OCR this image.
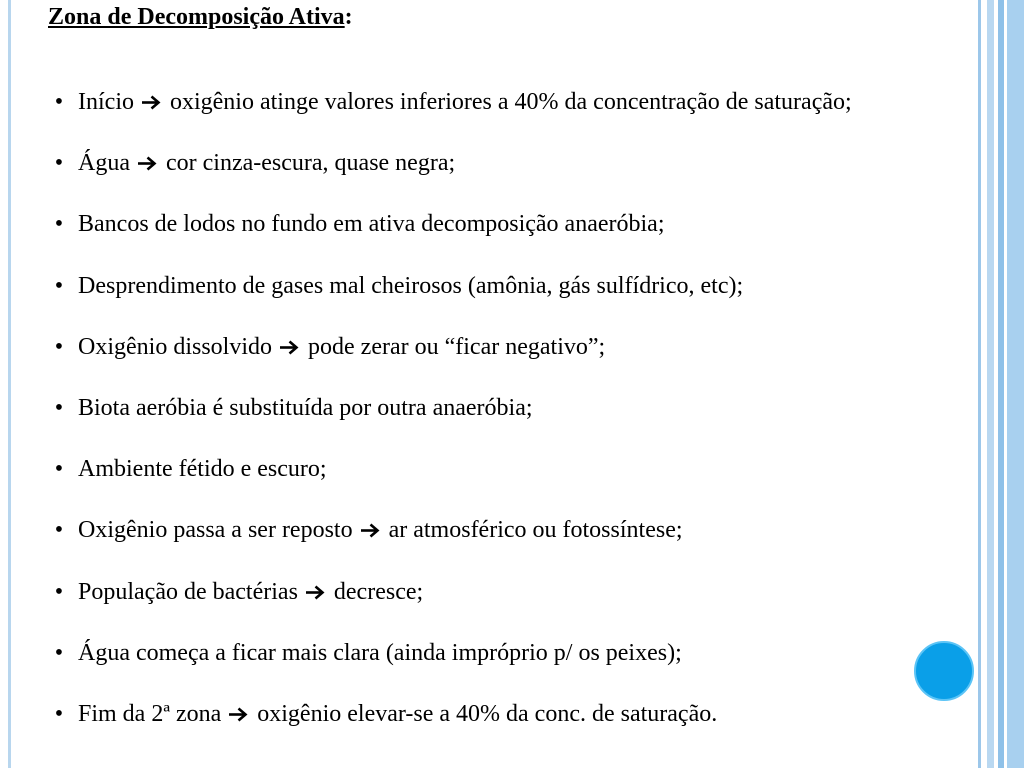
Zona de Decomposição Ativa:
• Início oxigênio atinge valores inferiores a 40% da concentração de saturação;
• Água cor cinza-escura, quase negra;
• Bancos de lodos no fundo em ativa decomposição anaeróbia;
• Desprendimento de gases mal cheirosos (amônia, gás sulfídrico, etc);
• Oxigênio dissolvido pode zerar ou “ficar negativo”;
• Biota aeróbia é substituída por outra anaeróbia;
• Ambiente fétido e escuro;
• Oxigênio passa a ser reposto ar atmosférico ou fotossíntese;
• População de bactérias decresce;
• Água começa a ficar mais clara (ainda impróprio p/ os peixes);
• Fim da 2ª zona oxigênio elevar-se a 40% da conc. de saturação.
